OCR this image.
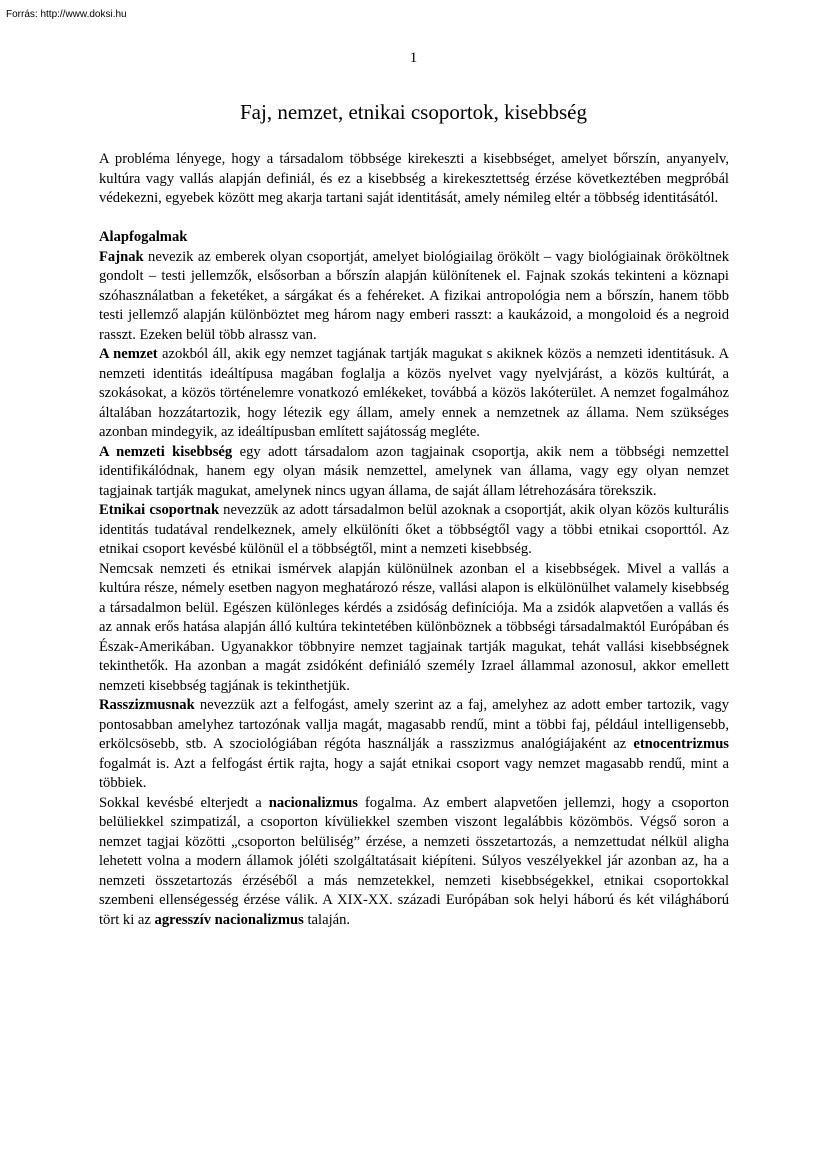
Forrás: http://www.doksi.hu
1
Faj, nemzet, etnikai csoportok, kisebbség

A probléma lényege, hogy a társadalom többsége kirekeszti a kisebbséget, amelyet bőrszín, anyanyelv, kultúra vagy vallás alapján definiál, és ez a kisebbség a kirekesztettség érzése következtében megpróbál védekezni, egyebek között meg akarja tartani saját identitását, amely némileg eltér a többség identitásától.

Alapfogalmak

Fajnak nevezik az emberek olyan csoportját, amelyet biológiailag örökölt – vagy biológiainak örököltnek gondolt – testi jellemzők, elsősorban a bőrszín alapján különítenek el. Fajnak szokás tekinteni a köznapi szóhasználatban a feketéket, a sárgákat és a fehéreket. A fizikai antropológia nem a bőrszín, hanem több testi jellemző alapján különböztet meg három nagy emberi rasszt: a kaukázoid, a mongoloid és a negroid rasszt. Ezeken belül több alrassz van.

A nemzet azokból áll, akik egy nemzet tagjának tartják magukat s akiknek közös a nemzeti identitásuk. A nemzeti identitás ideáltípusa magában foglalja a közös nyelvet vagy nyelvjárást, a közös kultúrát, a szokásokat, a közös történelemre vonatkozó emlékeket, továbbá a közös lakóterület. A nemzet fogalmához általában hozzátartozik, hogy létezik egy állam, amely ennek a nemzetnek az állama. Nem szükséges azonban mindegyik, az ideáltípusban említett sajátosság megléte.

A nemzeti kisebbség egy adott társadalom azon tagjainak csoportja, akik nem a többségi nemzettel identifikálódnak, hanem egy olyan másik nemzettel, amelynek van állama, vagy egy olyan nemzet tagjainak tartják magukat, amelynek nincs ugyan állama, de saját állam létrehozására törekszik.

Etnikai csoportnak nevezzük az adott társadalmon belül azoknak a csoportját, akik olyan közös kulturális identitás tudatával rendelkeznek, amely elkülöníti őket a többségtől vagy a többi etnikai csoporttól. Az etnikai csoport kevésbé különül el a többségtől, mint a nemzeti kisebbség.

Nemcsak nemzeti és etnikai ismérvek alapján különülnek azonban el a kisebbségek. Mivel a vallás a kultúra része, némely esetben nagyon meghatározó része, vallási alapon is elkülönülhet valamely kisebbség a társadalmon belül. Egészen különleges kérdés a zsidóság definíciója. Ma a zsidók alapvetően a vallás és az annak erős hatása alapján álló kultúra tekintetében különböznek a többségi társadalmaktól Európában és Észak-Amerikában. Ugyanakkor többnyire nemzet tagjainak tartják magukat, tehát vallási kisebbségnek tekinthetők. Ha azonban a magát zsidóként definiáló személy Izrael állammal azonosul, akkor emellett nemzeti kisebbség tagjának is tekinthetjük.

Rasszizmusnak nevezzük azt a felfogást, amely szerint az a faj, amelyhez az adott ember tartozik, vagy pontosabban amelyhez tartozónak vallja magát, magasabb rendű, mint a többi faj, például intelligensebb, erkölcsösebb, stb. A szociológiában régóta használják a rasszizmus analógiájaként az etnocentrizmus fogalmát is. Azt a felfogást értik rajta, hogy a saját etnikai csoport vagy nemzet magasabb rendű, mint a többiek.

Sokkal kevésbé elterjedt a nacionalizmus fogalma. Az embert alapvetően jellemzi, hogy a csoporton belüliekkel szimpatizál, a csoporton kívüliekkel szemben viszont legalábbis közömbös. Végső soron a nemzet tagjai közötti „csoporton belüliség” érzése, a nemzeti összetartozás, a nemzettudat nélkül aligha lehetett volna a modern államok jóléti szolgáltatásait kiépíteni. Súlyos veszélyekkel jár azonban az, ha a nemzeti összetartozás érzéséből a más nemzetekkel, nemzeti kisebbségekkel, etnikai csoportokkal szembeni ellenségesség érzése válik. A XIX-XX. századi Európában sok helyi háború és két világháború tört ki az agresszív nacionalizmus talaján.
